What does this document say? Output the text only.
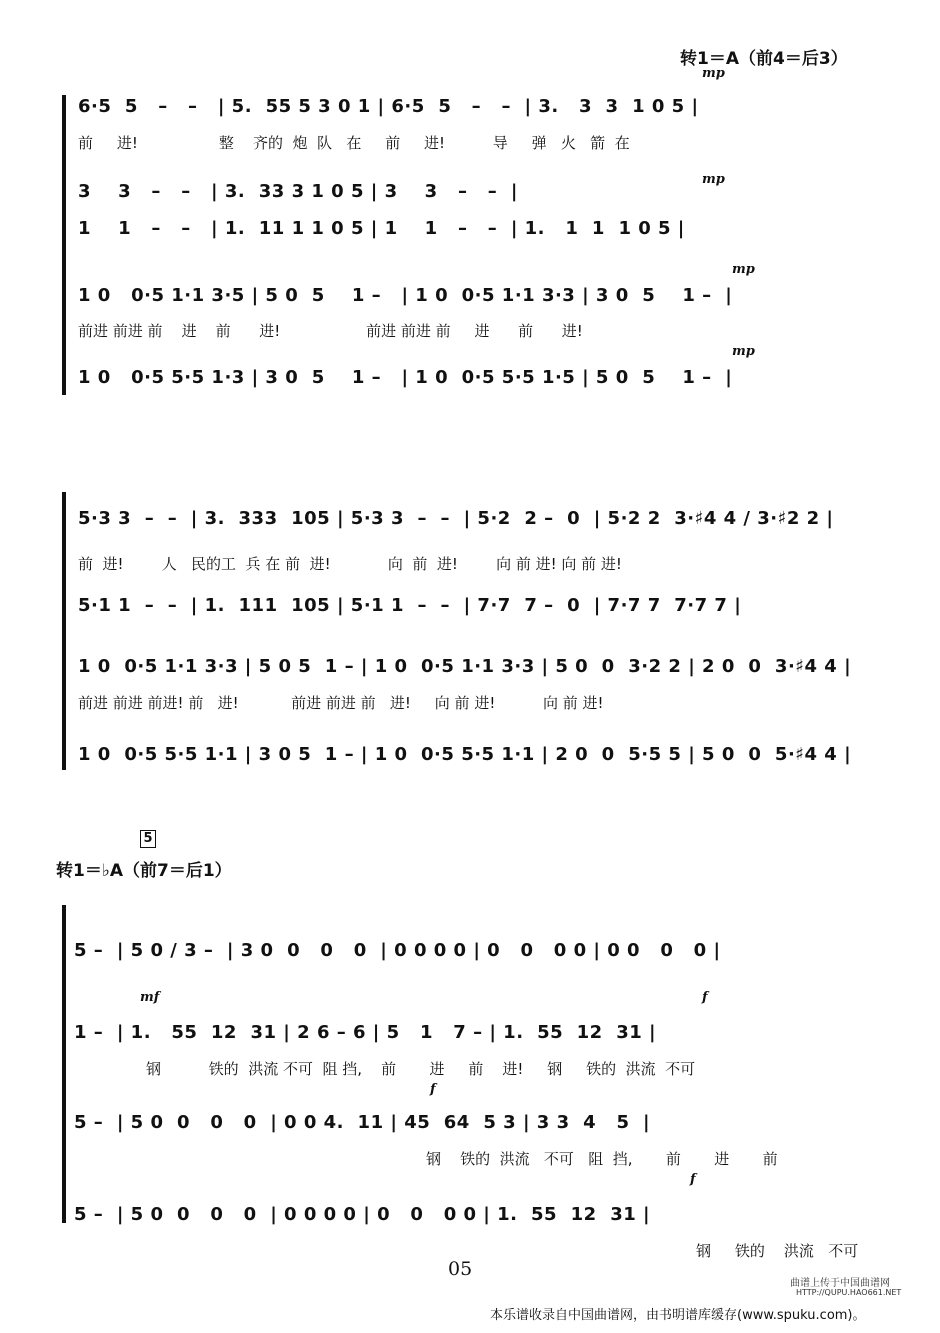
转1＝A（前4＝后3）
mp
6·5  5   –   –   | 5.  55 5 3 0 1 | 6·5  5   –   –  | 3.   3  3  1 0 5 |
前     进!                 整    齐的  炮  队   在     前     进!          导     弹   火   箭  在
mp
3    3   –   –   | 3.  33 3 1 0 5 | 3    3   –   –  |
1    1   –   –   | 1.  11 1 1 0 5 | 1    1   –   –  | 1.   1  1  1 0 5 |
mp
1 0   0·5 1·1 3·5 | 5 0  5    1 –   | 1 0  0·5 1·1 3·3 | 3 0  5    1 –  |
前进 前进 前    进    前      进!                  前进 前进 前     进      前      进!
mp
1 0   0·5 5·5 1·3 | 3 0  5    1 –   | 1 0  0·5 5·5 1·5 | 5 0  5    1 –  |
5·3 3  –  –  | 3.  333  105 | 5·3 3  –  –  | 5·2  2 –  0  | 5·2 2  3·♯4 4 / 3·♯2 2 |
前  进!        人   民的工  兵 在 前  进!            向  前  进!        向 前 进! 向 前 进!
5·1 1  –  –  | 1.  111  105 | 5·1 1  –  –  | 7·7  7 –  0  | 7·7 7  7·7 7 |
1 0  0·5 1·1 3·3 | 5 0 5  1 – | 1 0  0·5 1·1 3·3 | 5 0  0  3·2 2 | 2 0  0  3·♯4 4 |
前进 前进 前进! 前   进!           前进 前进 前   进!     向 前 进!          向 前 进!
1 0  0·5 5·5 1·1 | 3 0 5  1 – | 1 0  0·5 5·5 1·1 | 2 0  0  5·5 5 | 5 0  0  5·♯4 4 |
5
转1＝♭A（前7＝后1）
5 –  | 5 0 / 3 –  | 3 0  0   0   0  | 0 0 0 0 | 0   0   0 0 | 0 0   0   0 |
mf	f
1 –  | 1.   55  12  31 | 2 6 – 6 | 5   1   7 – | 1.  55  12  31 |
钢          铁的  洪流 不可  阻 挡,    前       进     前    进!     钢     铁的  洪流  不可
f
5 –  | 5 0  0   0   0  | 0 0 4.  11 | 45  64  5 3 | 3 3  4   5  |
钢    铁的  洪流   不可   阻  挡,       前       进       前
f
5 –  | 5 0  0   0   0  | 0 0 0 0 | 0   0   0 0 | 1.  55  12  31 |
钢     铁的    洪流   不可
05
曲谱上传于中国曲谱网
HTTP://QUPU.HAO661.NET
本乐谱收录自中国曲谱网，由书明谱库缓存(www.spuku.com)。
